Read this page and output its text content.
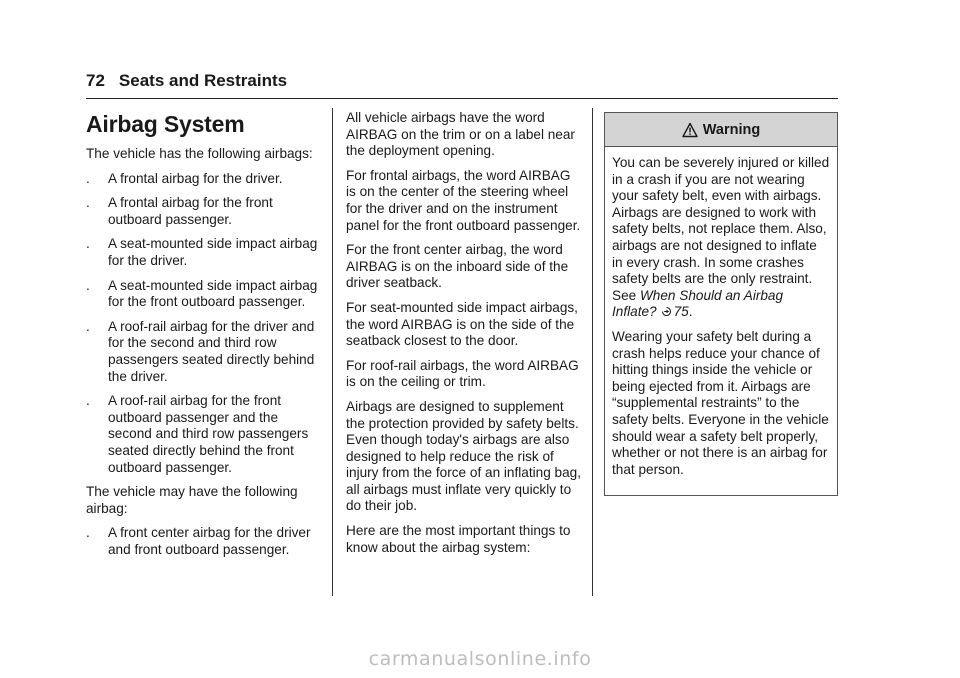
72 Seats and Restraints
Airbag System

The vehicle has the following airbags:

. A frontal airbag for the driver.
. A frontal airbag for the front outboard passenger.
. A seat-mounted side impact airbag for the driver.
. A seat-mounted side impact airbag for the front outboard passenger.
. A roof-rail airbag for the driver and for the second and third row passengers seated directly behind the driver.
. A roof-rail airbag for the front outboard passenger and the second and third row passengers seated directly behind the front outboard passenger.

The vehicle may have the following airbag:

. A front center airbag for the driver and front outboard passenger.

All vehicle airbags have the word AIRBAG on the trim or on a label near the deployment opening.

For frontal airbags, the word AIRBAG is on the center of the steering wheel for the driver and on the instrument panel for the front outboard passenger.

For the front center airbag, the word AIRBAG is on the inboard side of the driver seatback.

For seat-mounted side impact airbags, the word AIRBAG is on the side of the seatback closest to the door.

For roof-rail airbags, the word AIRBAG is on the ceiling or trim.

Airbags are designed to supplement the protection provided by safety belts. Even though today's airbags are also designed to help reduce the risk of injury from the force of an inflating bag, all airbags must inflate very quickly to do their job.

Here are the most important things to know about the airbag system:

Warning

You can be severely injured or killed in a crash if you are not wearing your safety belt, even with airbags. Airbags are designed to work with safety belts, not replace them. Also, airbags are not designed to inflate in every crash. In some crashes safety belts are the only restraint. See When Should an Airbag Inflate? 75.

Wearing your safety belt during a crash helps reduce your chance of hitting things inside the vehicle or being ejected from it. Airbags are “supplemental restraints” to the safety belts. Everyone in the vehicle should wear a safety belt properly, whether or not there is an airbag for that person.

carmanualsonline.info
